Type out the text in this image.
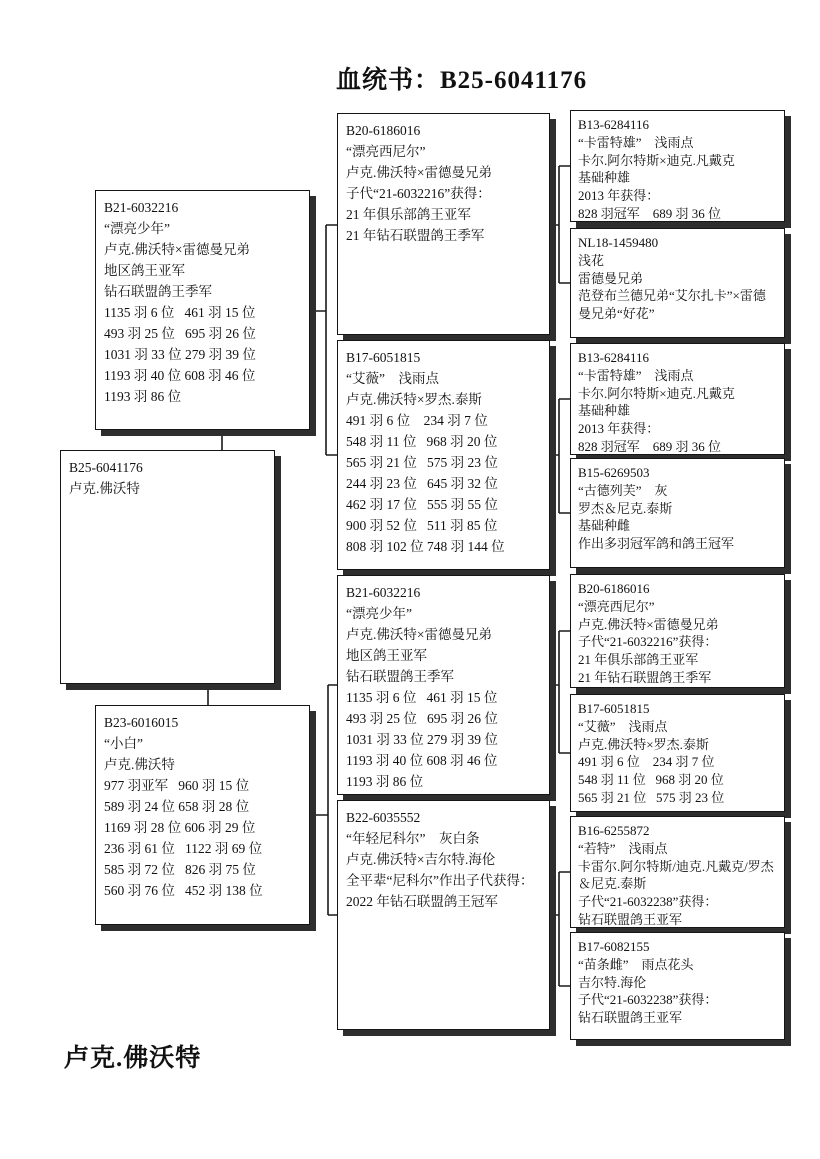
血统书：B25-6041176
B21-6032216
“漂亮少年”
卢克.佛沃特×雷德曼兄弟
地区鸽王亚军
钻石联盟鸽王季军
1135 羽 6 位   461 羽 15 位
493 羽 25 位   695 羽 26 位
1031 羽 33 位 279 羽 39 位
1193 羽 40 位 608 羽 46 位
1193 羽 86 位
B25-6041176
卢克.佛沃特
B23-6016015
“小白”
卢克.佛沃特
977 羽亚军   960 羽 15 位
589 羽 24 位 658 羽 28 位
1169 羽 28 位 606 羽 29 位
236 羽 61 位   1122 羽 69 位
585 羽 72 位   826 羽 75 位
560 羽 76 位   452 羽 138 位
B20-6186016
“漂亮西尼尔”
卢克.佛沃特×雷德曼兄弟
子代“21-6032216”获得：
21 年俱乐部鸽王亚军
21 年钻石联盟鸽王季军
B17-6051815
“艾薇”    浅雨点
卢克.佛沃特×罗杰.泰斯
491 羽 6 位    234 羽 7 位
548 羽 11 位   968 羽 20 位
565 羽 21 位   575 羽 23 位
244 羽 23 位   645 羽 32 位
462 羽 17 位   555 羽 55 位
900 羽 52 位   511 羽 85 位
808 羽 102 位 748 羽 144 位
B21-6032216
“漂亮少年”
卢克.佛沃特×雷德曼兄弟
地区鸽王亚军
钻石联盟鸽王季军
1135 羽 6 位   461 羽 15 位
493 羽 25 位   695 羽 26 位
1031 羽 33 位 279 羽 39 位
1193 羽 40 位 608 羽 46 位
1193 羽 86 位
B22-6035552
“年轻尼科尔”    灰白条
卢克.佛沃特×吉尔特.海伦
全平辈“尼科尔”作出子代获得：
2022 年钻石联盟鸽王冠军
B13-6284116
“卡雷特雄”    浅雨点
卡尔.阿尔特斯×迪克.凡戴克
基础种雄
2013 年获得：
828 羽冠军    689 羽 36 位
NL18-1459480
浅花
雷德曼兄弟
范登布兰德兄弟“艾尔扎卡”×雷德
曼兄弟“好花”
B13-6284116
“卡雷特雄”    浅雨点
卡尔.阿尔特斯×迪克.凡戴克
基础种雄
2013 年获得：
828 羽冠军    689 羽 36 位
B15-6269503
“古德列芙”    灰
罗杰＆尼克.泰斯
基础种雌
作出多羽冠军鸽和鸽王冠军
B20-6186016
“漂亮西尼尔”
卢克.佛沃特×雷德曼兄弟
子代“21-6032216”获得：
21 年俱乐部鸽王亚军
21 年钻石联盟鸽王季军
B17-6051815
“艾薇”    浅雨点
卢克.佛沃特×罗杰.泰斯
491 羽 6 位    234 羽 7 位
548 羽 11 位   968 羽 20 位
565 羽 21 位   575 羽 23 位
B16-6255872
“若特”    浅雨点
卡雷尔.阿尔特斯/迪克.凡戴克/罗杰
＆尼克.泰斯
子代“21-6032238”获得：
钻石联盟鸽王亚军
B17-6082155
“苗条雌”    雨点花头
吉尔特.海伦
子代“21-6032238”获得：
钻石联盟鸽王亚军
卢克.佛沃特
